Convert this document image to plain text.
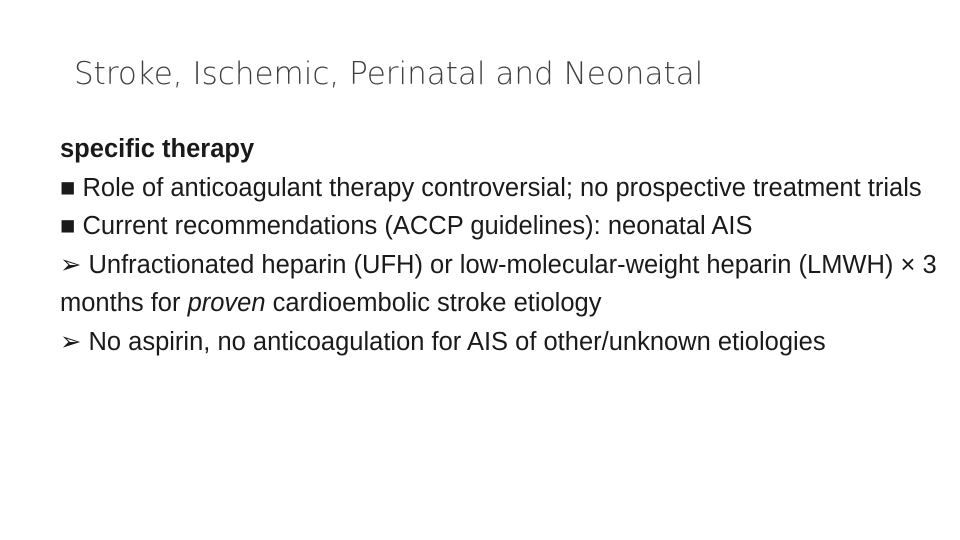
Stroke, Ischemic, Perinatal and Neonatal

specific therapy

■ Role of anticoagulant therapy controversial; no prospective treatment trials

■ Current recommendations (ACCP guidelines): neonatal AIS

➢ Unfractionated heparin (UFH) or low-molecular-weight heparin (LMWH) × 3 months for proven cardioembolic stroke etiology

➢ No aspirin, no anticoagulation for AIS of other/unknown etiologies
